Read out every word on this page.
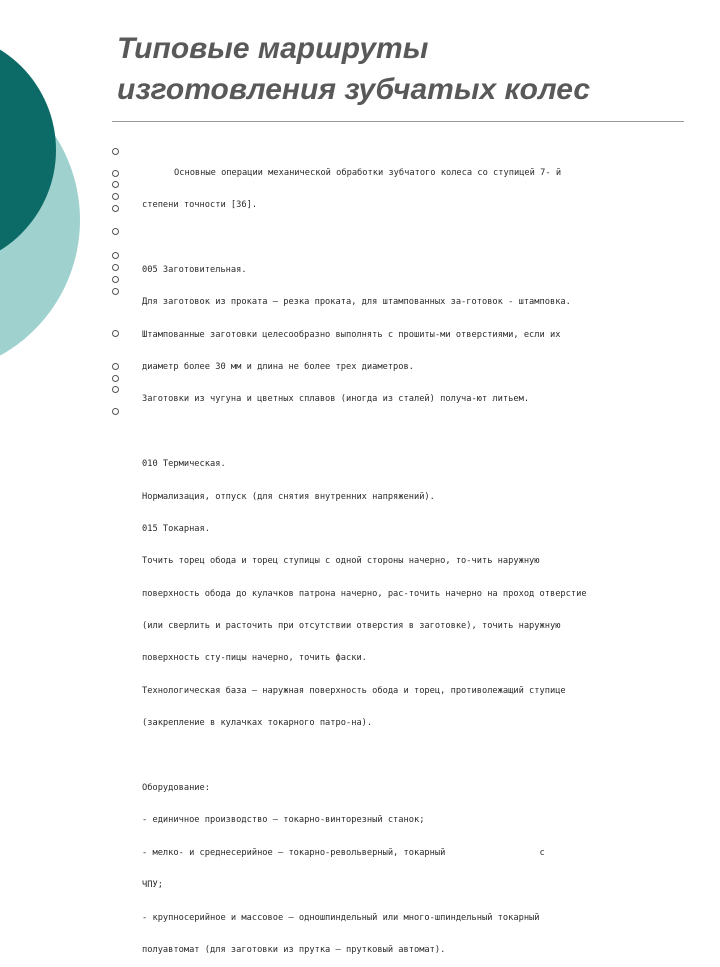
Типовые маршруты
изготовления зубчатых колес

Основные операции механической обработки зубчатого колеса со ступицей 7- й

степени точности [36].

005 Заготовительная.

Для заготовок из проката – резка проката, для штампованных за-готовок - штамповка.

Штампованные заготовки целесообразно выполнять с прошиты-ми отверстиями, если их

диаметр более 30 мм и длина не более трех диаметров.

Заготовки из чугуна и цветных сплавов (иногда из сталей) получа-ют литьем.

010 Термическая.

Нормализация, отпуск (для снятия внутренних напряжений).

015 Токарная.

Точить торец обода и торец ступицы с одной стороны начерно, то-чить наружную

поверхность обода до кулачков патрона начерно, рас-точить начерно на проход отверстие

(или сверлить и расточить при отсутствии отверстия в заготовке), точить наружную

поверхность сту-пицы начерно, точить фаски.

Технологическая база – наружная поверхность обода и торец, противолежащий ступице

(закрепление в кулачках токарного патро-на).

Оборудование:

- единичное производство – токарно-винторезный станок;

- мелко- и среднесерийное – токарно-револьверный, токарный                  с

ЧПУ;

- крупносерийное и массовое – одношпиндельный или много-шпиндельный токарный

полуавтомат (для заготовки из прутка – прутковый автомат).
